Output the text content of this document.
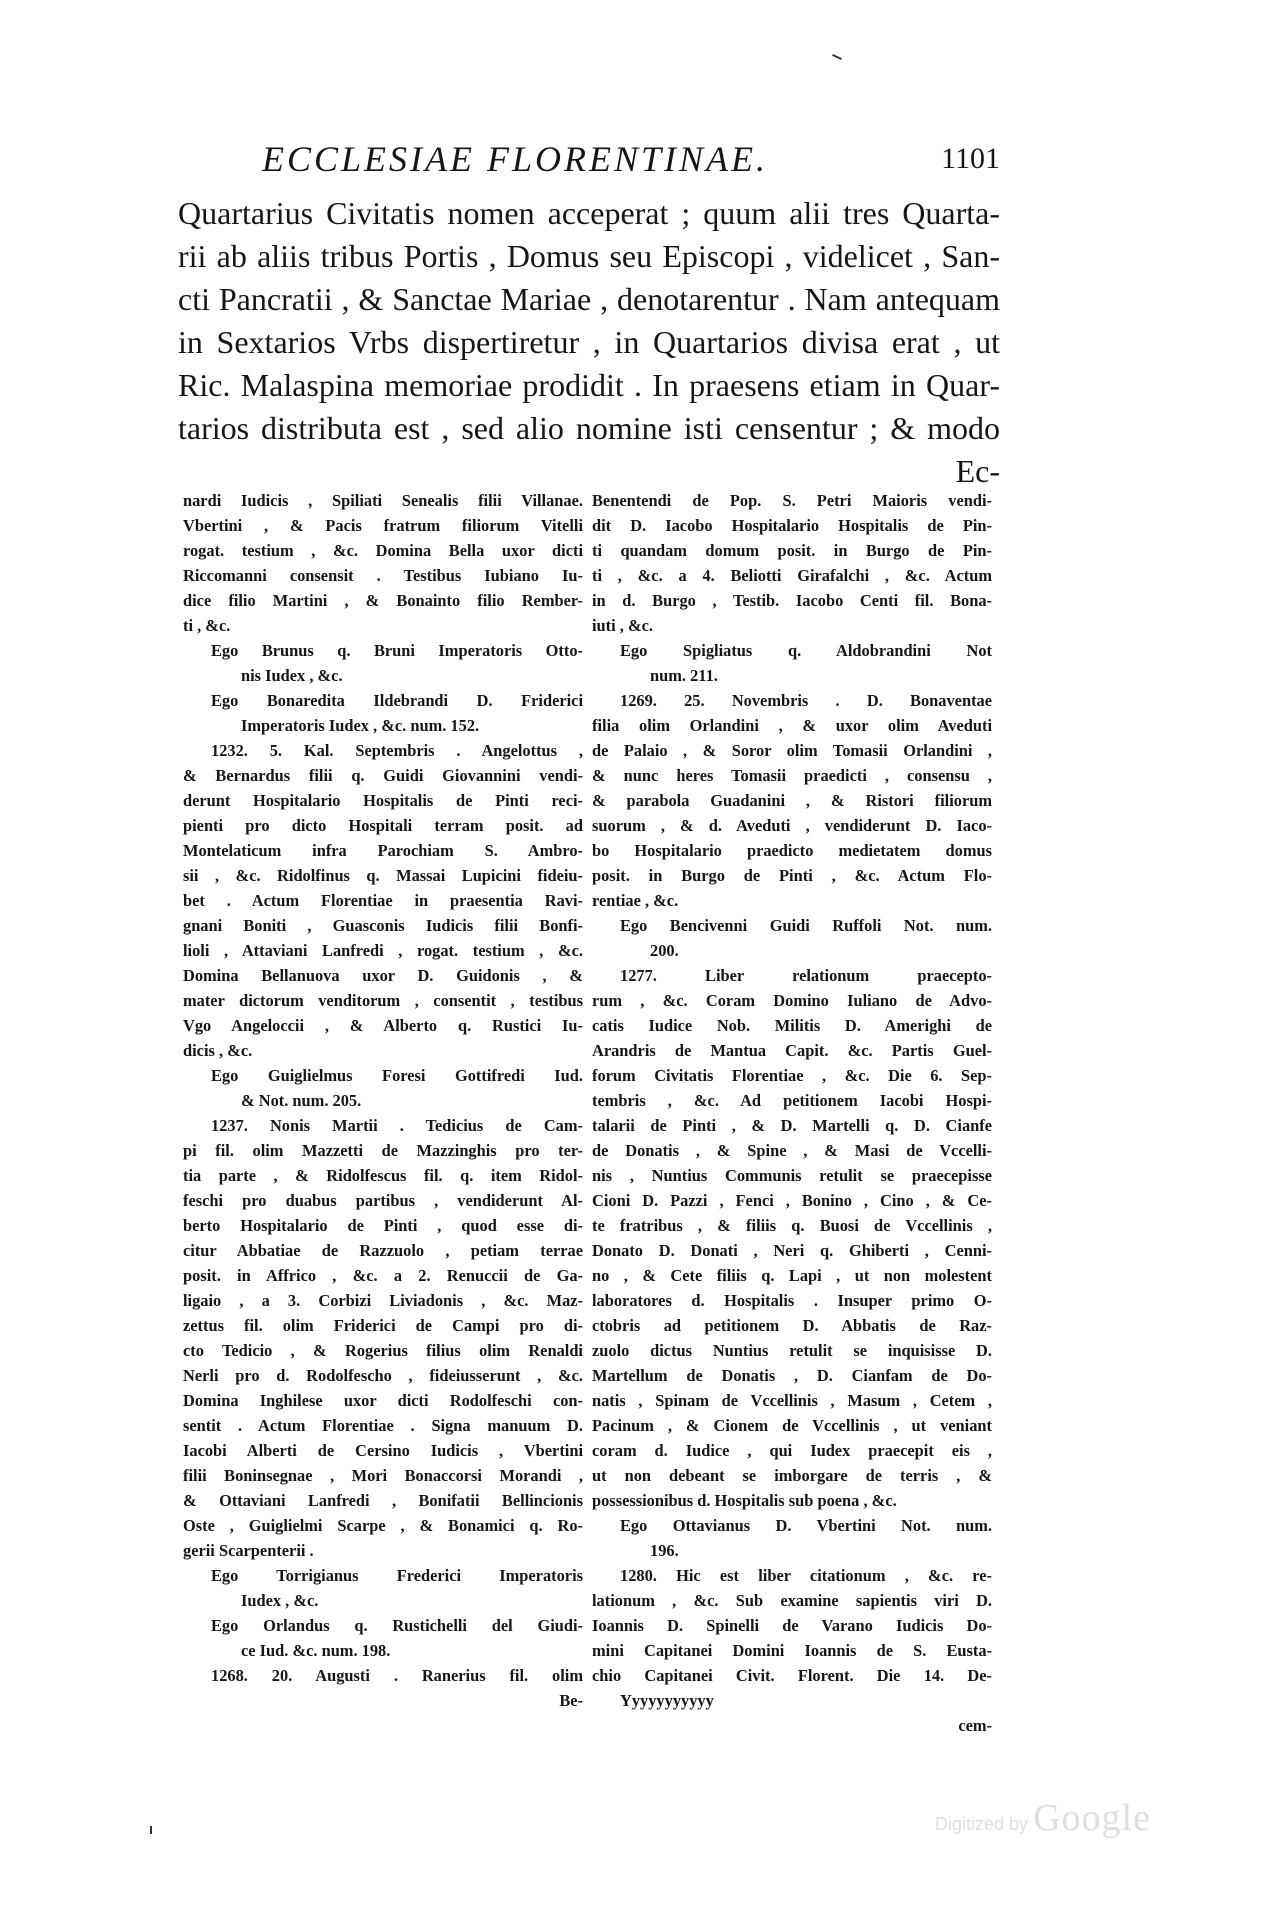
ECCLESIAE FLORENTINAE.	1101
Quartarius Civitatis nomen acceperat ; quum alii tres Quarta-
rii ab aliis tribus Portis , Domus seu Episcopi , videlicet , San-
cti Pancratii , & Sanctae Mariae , denotarentur . Nam antequam
in Sextarios Vrbs dispertiretur , in Quartarios divisa erat , ut
Ric. Malaspina memoriae prodidit . In praesens etiam in Quar-
tarios distributa est , sed alio nomine isti censentur ; & modo
Ec-
nardi Iudicis , Spiliati Senealis filii Villanae.
Vbertini , & Pacis fratrum filiorum Vitelli
rogat. testium , &c. Domina Bella uxor dicti
Riccomanni consensit . Testibus Iubiano Iu-
dice filio Martini , & Bonainto filio Rember-
ti , &c.
Ego Brunus q. Bruni Imperatoris Otto-
nis Iudex , &c.
Ego Bonaredita Ildebrandi D. Friderici
Imperatoris Iudex , &c. num. 152.
1232. 5. Kal. Septembris . Angelottus ,
& Bernardus filii q. Guidi Giovannini vendi-
derunt Hospitalario Hospitalis de Pinti reci-
pienti pro dicto Hospitali terram posit. ad
Montelaticum infra Parochiam S. Ambro-
sii , &c. Ridolfinus q. Massai Lupicini fideiu-
bet . Actum Florentiae in praesentia Ravi-
gnani Boniti , Guasconis Iudicis filii Bonfi-
lioli , Attaviani Lanfredi , rogat. testium , &c.
Domina Bellanuova uxor D. Guidonis , &
mater dictorum venditorum , consentit , testibus
Vgo Angeloccii , & Alberto q. Rustici Iu-
dicis , &c.
Ego Guiglielmus Foresi Gottifredi Iud.
& Not. num. 205.
1237. Nonis Martii . Tedicius de Cam-
pi fil. olim Mazzetti de Mazzinghis pro ter-
tia parte , & Ridolfescus fil. q. item Ridol-
feschi pro duabus partibus , vendiderunt Al-
berto Hospitalario de Pinti , quod esse di-
citur Abbatiae de Razzuolo , petiam terrae
posit. in Affrico , &c. a 2. Renuccii de Ga-
ligaio , a 3. Corbizi Liviadonis , &c. Maz-
zettus fil. olim Friderici de Campi pro di-
cto Tedicio , & Rogerius filius olim Renaldi
Nerli pro d. Rodolfescho , fideiusserunt , &c.
Domina Inghilese uxor dicti Rodolfeschi con-
sentit . Actum Florentiae . Signa manuum D.
Iacobi Alberti de Cersino Iudicis , Vbertini
filii Boninsegnae , Mori Bonaccorsi Morandi ,
& Ottaviani Lanfredi , Bonifatii Bellincionis
Oste , Guiglielmi Scarpe , & Bonamici q. Ro-
gerii Scarpenterii .
Ego Torrigianus Frederici Imperatoris
Iudex , &c.
Ego Orlandus q. Rustichelli del Giudi-
ce Iud. &c. num. 198.
1268. 20. Augusti . Ranerius fil. olim
Be-
Benentendi de Pop. S. Petri Maioris vendi-
dit D. Iacobo Hospitalario Hospitalis de Pin-
ti quandam domum posit. in Burgo de Pin-
ti , &c. a 4. Beliotti Girafalchi , &c. Actum
in d. Burgo , Testib. Iacobo Centi fil. Bona-
iuti , &c.
Ego Spigliatus q. Aldobrandini Not
num. 211.
1269. 25. Novembris . D. Bonaventae
filia olim Orlandini , & uxor olim Aveduti
de Palaio , & Soror olim Tomasii Orlandini ,
& nunc heres Tomasii praedicti , consensu ,
& parabola Guadanini , & Ristori filiorum
suorum , & d. Aveduti , vendiderunt D. Iaco-
bo Hospitalario praedicto medietatem domus
posit. in Burgo de Pinti , &c. Actum Flo-
rentiae , &c.
Ego Bencivenni Guidi Ruffoli Not. num.
200.
1277. Liber relationum praecepto-
rum , &c. Coram Domino Iuliano de Advo-
catis Iudice Nob. Militis D. Amerighi de
Arandris de Mantua Capit. &c. Partis Guel-
forum Civitatis Florentiae , &c. Die 6. Sep-
tembris , &c. Ad petitionem Iacobi Hospi-
talarii de Pinti , & D. Martelli q. D. Cianfe
de Donatis , & Spine , & Masi de Vccelli-
nis , Nuntius Communis retulit se praecepisse
Cioni D. Pazzi , Fenci , Bonino , Cino , & Ce-
te fratribus , & filiis q. Buosi de Vccellinis ,
Donato D. Donati , Neri q. Ghiberti , Cenni-
no , & Cete filiis q. Lapi , ut non molestent
laboratores d. Hospitalis . Insuper primo O-
ctobris ad petitionem D. Abbatis de Raz-
zuolo dictus Nuntius retulit se inquisisse D.
Martellum de Donatis , D. Cianfam de Do-
natis , Spinam de Vccellinis , Masum , Cetem ,
Pacinum , & Cionem de Vccellinis , ut veniant
coram d. Iudice , qui Iudex praecepit eis ,
ut non debeant se imborgare de terris , &
possessionibus d. Hospitalis sub poena , &c.
Ego Ottavianus D. Vbertini Not. num.
196.
1280. Hic est liber citationum , &c. re-
lationum , &c. Sub examine sapientis viri D.
Ioannis D. Spinelli de Varano Iudicis Do-
mini Capitanei Domini Ioannis de S. Eusta-
chio Capitanei Civit. Florent. Die 14. De-
Yyyyyyyyyyy
cem-
Digitized by Google
